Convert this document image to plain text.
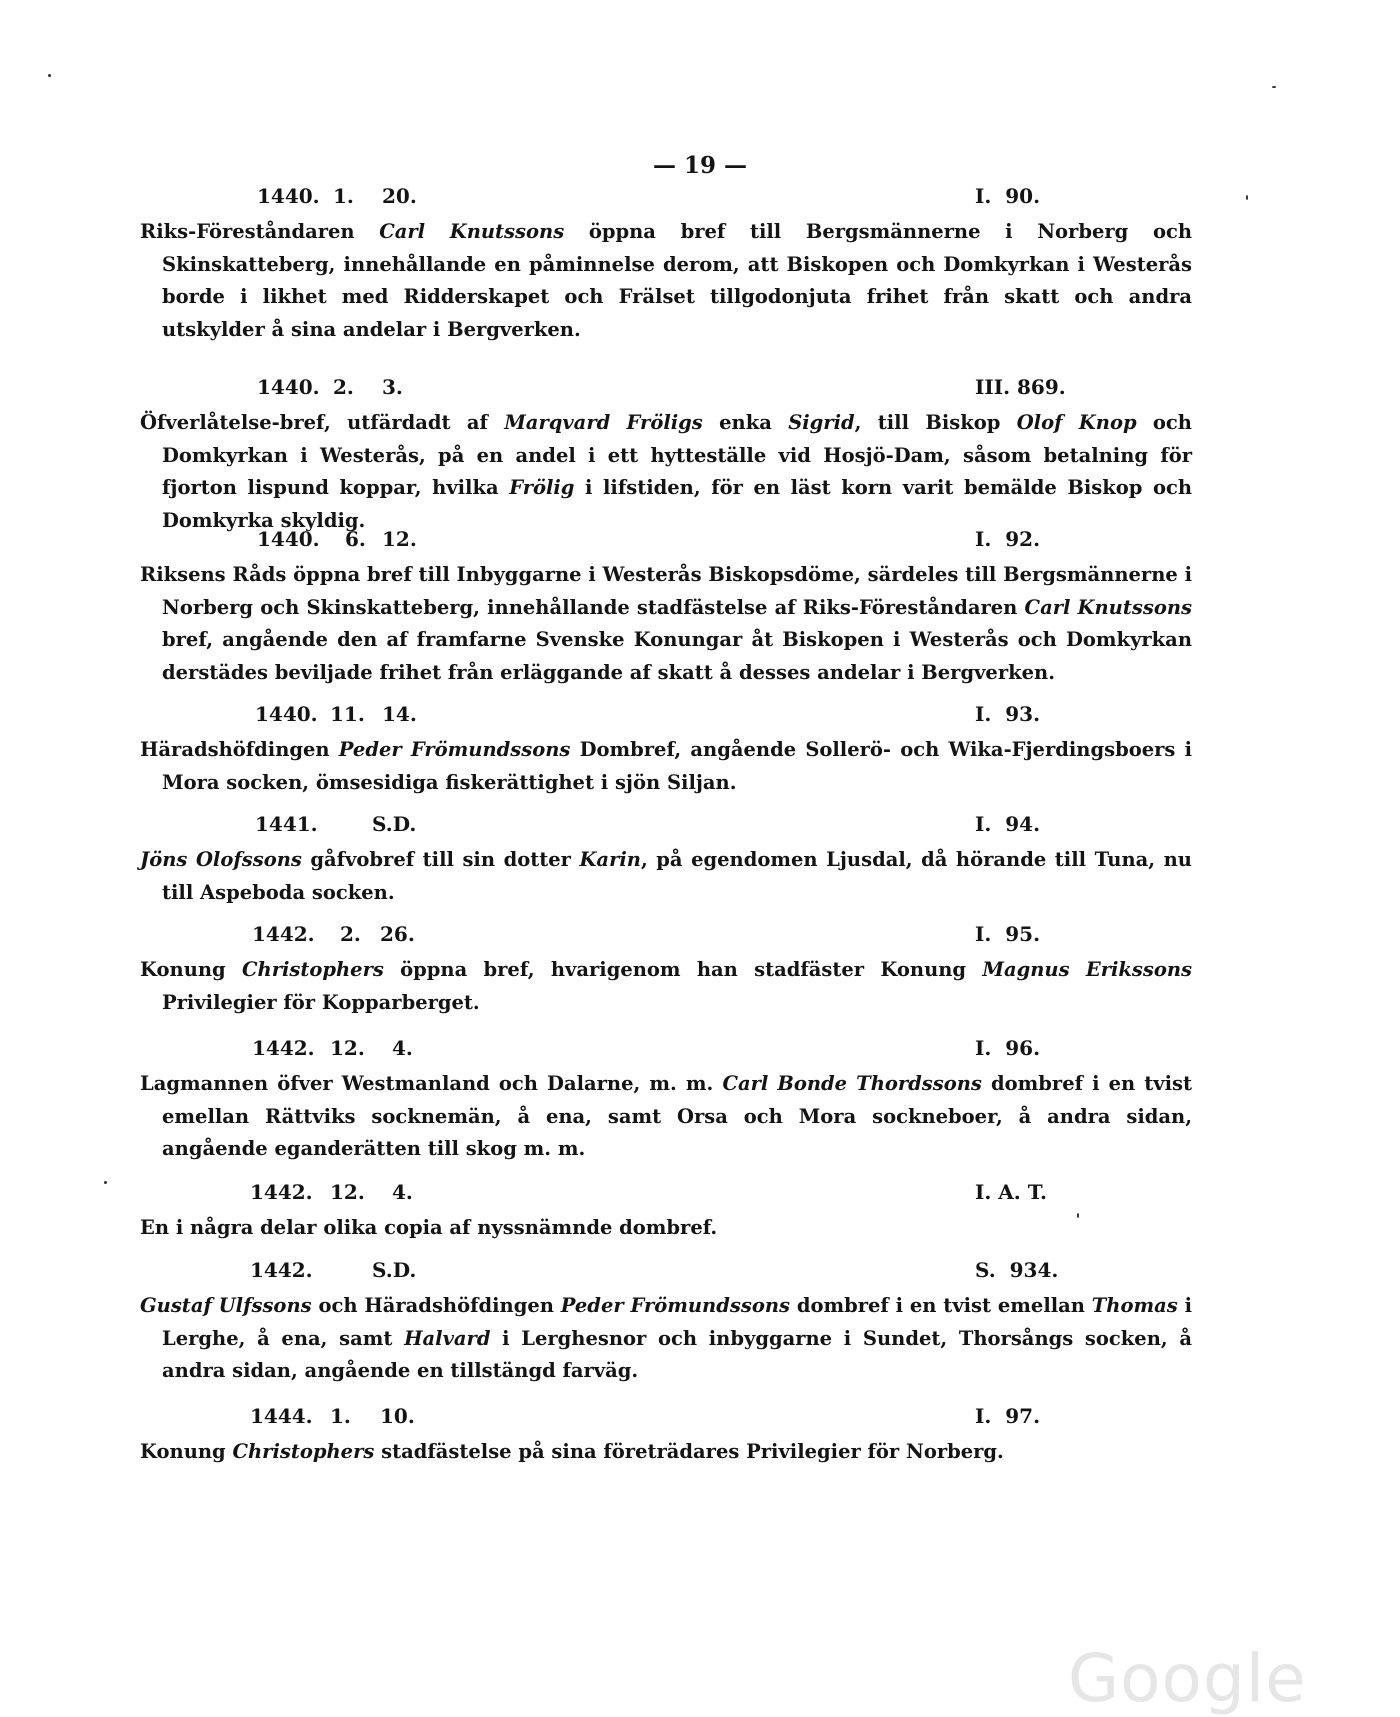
— 19 —
1440. 1. 20.	I.  90.
Riks-Föreståndaren Carl Knutssons öppna bref till Bergsmännerne i Norberg och Skinskatteberg, innehållande en påminnelse derom, att Biskopen och Domkyrkan i Westerås borde i likhet med Ridderskapet och Frälset tillgodonjuta frihet från skatt och andra utskylder å sina andelar i Bergverken.
1440. 2. 3.	III. 869.
Öfverlåtelse-bref, utfärdadt af Marqvard Fröligs enka Sigrid, till Biskop Olof Knop och Domkyrkan i Westerås, på en andel i ett hytteställe vid Hosjö-Dam, såsom betalning för fjorton lispund koppar, hvilka Frölig i lifstiden, för en läst korn varit bemälde Biskop och Domkyrka skyldig.
1440. 6. 12.	I.  92.
Riksens Råds öppna bref till Inbyggarne i Westerås Biskopsdöme, särdeles till Bergsmännerne i Norberg och Skinskatteberg, innehållande stadfästelse af Riks-Föreståndaren Carl Knutssons bref, angående den af framfarne Svenske Konungar åt Biskopen i Westerås och Domkyrkan derstädes beviljade frihet från erläggande af skatt å desses andelar i Bergverken.
1440. 11. 14.	I.  93.
Häradshöfdingen Peder Frömundssons Dombref, angående Sollerö- och Wika-Fjerdingsboers i Mora socken, ömsesidiga fiskerättighet i sjön Siljan.
1441.	S.D.	I.  94.
Jöns Olofssons gåfvobref till sin dotter Karin, på egendomen Ljusdal, då hörande till Tuna, nu till Aspeboda socken.
1442. 2. 26.	I.  95.
Konung Christophers öppna bref, hvarigenom han stadfäster Konung Magnus Erikssons Privilegier för Kopparberget.
1442. 12. 4.	I.  96.
Lagmannen öfver Westmanland och Dalarne, m. m. Carl Bonde Thordssons dombref i en tvist emellan Rättviks socknemän, å ena, samt Orsa och Mora sockneboer, å andra sidan, angående eganderätten till skog m. m.
1442. 12. 4.	I. A. T.
En i några delar olika copia af nyssnämnde dombref.
1442.	S.D.	S.  934.
Gustaf Ulfssons och Häradshöfdingen Peder Frömundssons dombref i en tvist emellan Thomas i Lerghe, å ena, samt Halvard i Lerghesnor och inbyggarne i Sundet, Thorsångs socken, å andra sidan, angående en tillstängd farväg.
1444. 1. 10.	I.  97.
Konung Christophers stadfästelse på sina företrädares Privilegier för Norberg.
Google
